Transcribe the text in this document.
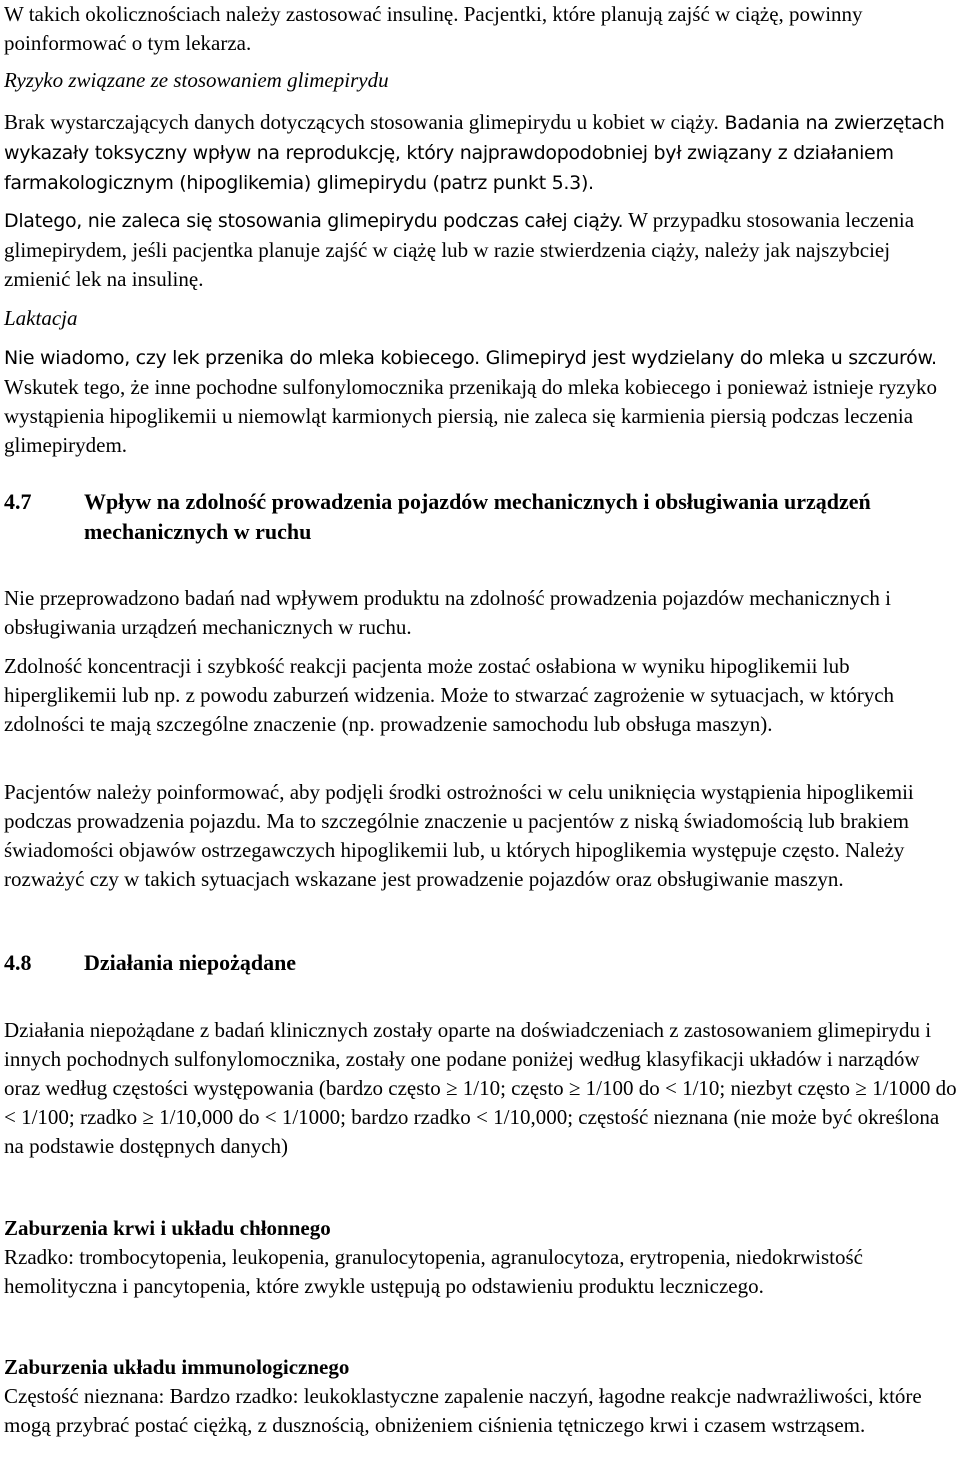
W takich okolicznościach należy zastosować insulinę. Pacjentki, które planują zajść w ciążę, powinny poinformować o tym lekarza.

Ryzyko związane ze stosowaniem glimepirydu

Brak wystarczających danych dotyczących stosowania glimepirydu u kobiet w ciąży. Badania na zwierzętach wykazały toksyczny wpływ na reprodukcję, który najprawdopodobniej był związany z działaniem farmakologicznym (hipoglikemia) glimepirydu (patrz punkt 5.3).

Dlatego, nie zaleca się stosowania glimepirydu podczas całej ciąży. W przypadku stosowania leczenia glimepirydem, jeśli pacjentka planuje zajść w ciążę lub w razie stwierdzenia ciąży, należy jak najszybciej zmienić lek na insulinę.

Laktacja

Nie wiadomo, czy lek przenika do mleka kobiecego. Glimepiryd jest wydzielany do mleka u szczurów. Wskutek tego, że inne pochodne sulfonylomocznika przenikają do mleka kobiecego i ponieważ istnieje ryzyko wystąpienia hipoglikemii u niemowląt karmionych piersią, nie zaleca się karmienia piersią podczas leczenia glimepirydem.

4.7 Wpływ na zdolność prowadzenia pojazdów mechanicznych i obsługiwania urządzeń mechanicznych w ruchu

Nie przeprowadzono badań nad wpływem produktu na zdolność prowadzenia pojazdów mechanicznych i obsługiwania urządzeń mechanicznych w ruchu.

Zdolność koncentracji i szybkość reakcji pacjenta może zostać osłabiona w wyniku hipoglikemii lub hiperglikemii lub np. z powodu zaburzeń widzenia. Może to stwarzać zagrożenie w sytuacjach, w których zdolności te mają szczególne znaczenie (np. prowadzenie samochodu lub obsługa maszyn).

Pacjentów należy poinformować, aby podjęli środki ostrożności w celu uniknięcia wystąpienia hipoglikemii podczas prowadzenia pojazdu. Ma to szczególnie znaczenie u pacjentów z niską świadomością lub brakiem świadomości objawów ostrzegawczych hipoglikemii lub, u których hipoglikemia występuje często. Należy rozważyć czy w takich sytuacjach wskazane jest prowadzenie pojazdów oraz obsługiwanie maszyn.

4.8 Działania niepożądane

Działania niepożądane z badań klinicznych zostały oparte na doświadczeniach z zastosowaniem glimepirydu i innych pochodnych sulfonylomocznika, zostały one podane poniżej według klasyfikacji układów i narządów oraz według częstości występowania (bardzo często ≥ 1/10; często ≥ 1/100 do < 1/10; niezbyt często ≥ 1/1000 do < 1/100; rzadko ≥ 1/10,000 do < 1/1000; bardzo rzadko < 1/10,000; częstość nieznana (nie może być określona na podstawie dostępnych danych)

Zaburzenia krwi i układu chłonnego

Rzadko: trombocytopenia, leukopenia, granulocytopenia, agranulocytoza, erytropenia, niedokrwistość hemolityczna i pancytopenia, które zwykle ustępują po odstawieniu produktu leczniczego.

Zaburzenia układu immunologicznego

Częstość nieznana: Bardzo rzadko: leukoklastyczne zapalenie naczyń, łagodne reakcje nadwrażliwości, które mogą przybrać postać ciężką, z dusznością, obniżeniem ciśnienia tętniczego krwi i czasem wstrząsem.
